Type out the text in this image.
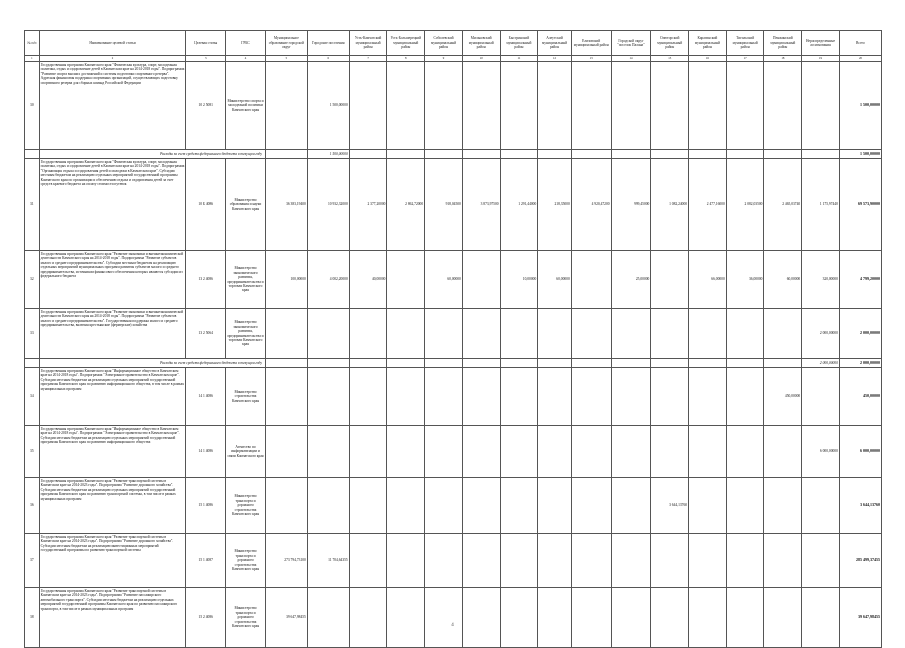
№ п/п	Наименование целевой статьи	Целевая статья	ГРБС	Муниципальное образование городской округ	Городские поселения	Усть-Камчатский муниципальный район	Усть-Большерецкий муниципальный район	Соболевский муниципальный район	Мильковский муниципальный район	Быстринский муниципальный район	Алеутский муниципальный район	Елизовский муниципальный район	Городской округ "поселок Палана"	Олюторский муниципальный район	Карагинский муниципальный район	Тигильский муниципальный район	Пенжинский муниципальный район	Нераспределенные ассигнования	Всего
1	2	3	4	5	6	7	8	9	10	11	12	13	14	15	16	17	18	19	20
30	Государственная программа Камчатского края "Физическая культура, спорт, молодежная политика, отдых и оздоровление детей в Камчатском крае на 2014-2018 годы". Подпрограмма "Развитие спорта высших достижений и системы подготовки спортивного резерва". Адресная финансовая поддержка спортивных организаций, осуществляющих подготовку спортивного резерва для сборных команд Российской Федерации	10 2 5081	Министерство спорта и молодежной политики Камчатского края		1 500,00000														1 500,00000
	Расходы за счет средств федерального бюджета в текущем году				1 500,00000														1 500,00000
31	Государственная программа Камчатского края "Физическая культура, спорт, молодежная политика, отдых и оздоровление детей в Камчатском крае на 2014-2018 годы". Подпрограмма "Организация отдыха и оздоровления детей и молодежи в Камчатском крае". Субсидии местным бюджетам на реализацию отдельных мероприятий государственной программы Камчатского края по организации и обеспечению отдыха и оздоровления детей за счет средств краевого бюджета на оплату стоимости путевок	10 Б 4086	Министерство образования и науки Камчатского края	36 383,19400	10 932,32000	2 377,20000	2 862,72000	918,04500	3 873,97500	1 291,44000	218,35000	4 920,47200	999,45000	1 082,24000	2 477,16000	2 082,03500	2 465,03740	1 175,97440	69 573,90000
32	Государственная программа Камчатского края "Развитие экономики и внешнеэкономической деятельности Камчатского края на 2014-2018 годы". Подпрограмма "Развитие субъектов малого и среднего предпринимательства". Субсидии местным бюджетам на реализацию отдельных мероприятий муниципальных программ развития субъектов малого и среднего предпринимательства, источником финансового обеспечения которых являются субсидии из федерального бюджета	13 2 4086	Министерство экономического развития, предпринимательства и торговли Камчатского края	100,00000	4 002,20000	40,00000		60,00000		10,00000	60,00000		25,00000		66,00000	36,00000	60,00000	320,00000	4 799,20000
33	Государственная программа Камчатского края "Развитие экономики и внешнеэкономической деятельности Камчатского края на 2014-2018 годы". Подпрограмма "Развитие субъектов малого и среднего предпринимательства". Государственная поддержка малого и среднего предпринимательства, включая крестьянские (фермерские) хозяйства	13 2 5064	Министерство экономического развития, предпринимательства и торговли Камчатского края															2 000,00000	2 000,00000
	Расходы за счет средств федерального бюджета в текущем году																	2 000,00000	2 000,00000
34	Государственная программа Камчатского края "Информационное общество в Камчатском крае на 2014-2018 годы". Подпрограмма "Электронное правительство в Камчатском крае". Субсидии местным бюджетам на реализацию отдельных мероприятий государственной программы Камчатского края по развитию информационного общества, в том числе в рамках муниципальных программ	14 1 4086	Министерство строительства Камчатского края														450,00000		450,00000
35	Государственная программа Камчатского края "Информационное общество в Камчатском крае на 2014-2018 годы". Подпрограмма "Электронное правительство в Камчатском крае". Субсидии местным бюджетам на реализацию отдельных мероприятий государственной программы Камчатского края по развитию информационного общества	14 1 4086	Агентство по информатизации и связи Камчатского края															6 000,00000	6 000,00000
36	Государственная программа Камчатского края "Развитие транспортной системы в Камчатском крае на 2014-2023 годы". Подпрограмма "Развитие дорожного хозяйства". Субсидии местным бюджетам на реализацию отдельных мероприятий государственной программы Камчатского края по развитию транспортной системы, в том числе в рамках муниципальных программ	15 1 4086	Министерство транспорта и дорожного строительства Камчатского края											3 644,13760					3 644,13760
37	Государственная программа Камчатского края "Развитие транспортной системы в Камчатском крае на 2014-2023 годы". Подпрограмма "Развитие дорожного хозяйства". Субсидии местным бюджетам на реализацию инвестиционных мероприятий государственной программы по развитию транспортной системы	15 1 4087	Министерство транспорта и дорожного строительства Камчатского края	273 794,73100	11 704,64355														285 499,37455
38	Государственная программа Камчатского края "Развитие транспортной системы в Камчатском крае на 2014-2023 годы". Подпрограмма "Развитие пассажирского автомобильного транспорта". Субсидии местным бюджетам на реализацию отдельных мероприятий государственной программы Камчатского края по развитию пассажирского транспорта, в том числе в рамках муниципальных программ	15 2 4086	Министерство транспорта и дорожного строительства Камчатского края	39 647,98455															39 647,98455
4
